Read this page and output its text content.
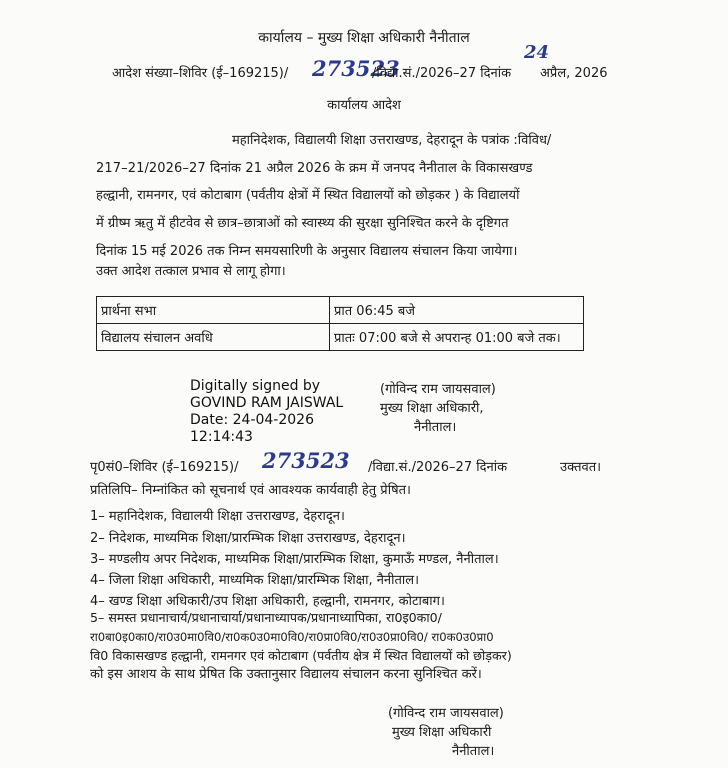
कार्यालय – मुख्य शिक्षा अधिकारी नैनीताल
आदेश संख्या–शिविर (ई–169215)/ 273523
/विद्या.सं./2026–27 दिनांक
24
अप्रैल, 2026
कार्यालय आदेश
महानिदेशक, विद्यालयी शिक्षा उत्तराखण्ड, देहरादून के पत्रांक :विविध/
217–21/2026–27 दिनांक 21 अप्रैल 2026 के क्रम में जनपद नैनीताल के विकासखण्ड
हल्द्वानी, रामनगर, एवं कोटाबाग (पर्वतीय क्षेत्रों में स्थित विद्यालयों को छोड़कर ) के विद्यालयों
में ग्रीष्म ऋतु में हीटवेव से छात्र–छात्राओं को स्वास्थ्य की सुरक्षा सुनिश्चित करने के दृष्टिगत
दिनांक 15 मई 2026 तक निम्न समयसारिणी के अनुसार विद्यालय संचालन किया जायेगा।
उक्त आदेश तत्काल प्रभाव से लागू होगा।
प्रार्थना सभा	प्रात 06:45 बजे
विद्यालय संचालन अवधि	प्रातः 07:00 बजे से अपरान्ह 01:00 बजे तक।
Digitally signed by
GOVIND RAM JAISWAL
Date: 24-04-2026
12:14:43
(गोविन्द राम जायसवाल)
मुख्य शिक्षा अधिकारी,
नैनीताल।
पृ0सं0–शिविर (ई–169215)/ 273523 /विद्या.सं./2026–27 दिनांक	उक्तवत।
प्रतिलिपि– निम्नांकित को सूचनार्थ एवं आवश्यक कार्यवाही हेतु प्रेषित।
1– महानिदेशक, विद्यालयी शिक्षा उत्तराखण्ड, देहरादून।
2– निदेशक, माध्यमिक शिक्षा/प्रारम्भिक शिक्षा उत्तराखण्ड, देहरादून।
3– मण्डलीय अपर निदेशक, माध्यमिक शिक्षा/प्रारम्भिक शिक्षा, कुमाऊँ मण्डल, नैनीताल।
4– जिला शिक्षा अधिकारी, माध्यमिक शिक्षा/प्रारम्भिक शिक्षा, नैनीताल।
4– खण्ड शिक्षा अधिकारी/उप शिक्षा अधिकारी, हल्द्वानी, रामनगर, कोटाबाग।
5– समस्त प्रधानाचार्य/प्रधानाचार्या/प्रधानाध्यापक/प्रधानाध्यापिका, रा0इ0का0/
रा0बा0इ0का0/रा0उ0मा0वि0/रा0क0उ0मा0वि0/रा0प्रा0वि0/रा0उ0प्रा0वि0/ रा0क0उ0प्रा0
वि0 विकासखण्ड हल्द्वानी, रामनगर एवं कोटाबाग (पर्वतीय क्षेत्र में स्थित विद्यालयों को छोड़कर)
को इस आशय के साथ प्रेषित कि उक्तानुसार विद्यालय संचालन करना सुनिश्चित करें।
(गोविन्द राम जायसवाल)
मुख्य शिक्षा अधिकारी
नैनीताल।
